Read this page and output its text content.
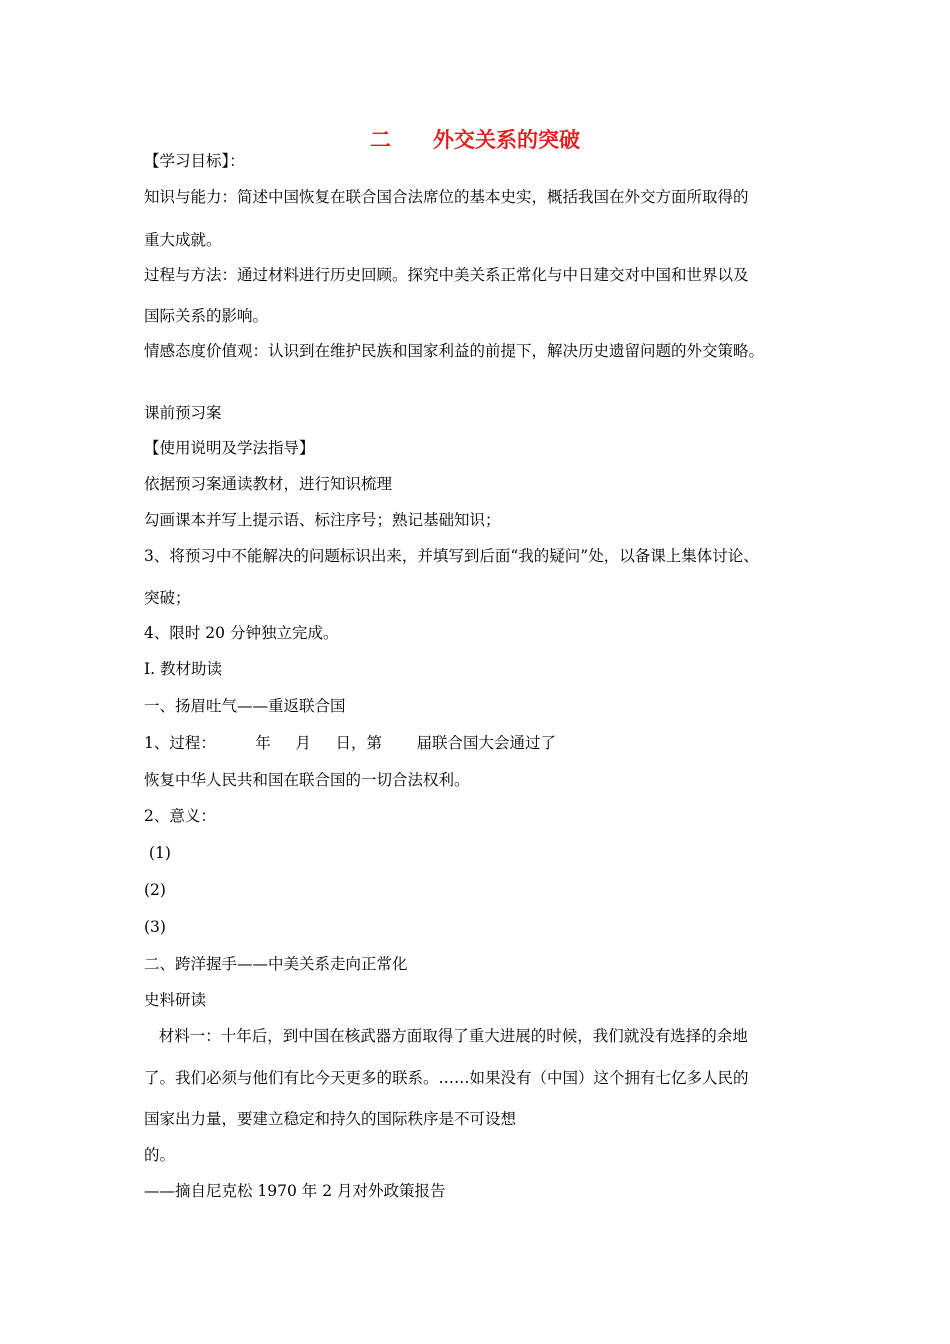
二　　外交关系的突破
【学习目标】：
知识与能力：简述中国恢复在联合国合法席位的基本史实，概括我国在外交方面所取得的
重大成就。
过程与方法：通过材料进行历史回顾。探究中美关系正常化与中日建交对中国和世界以及
国际关系的影响。
情感态度价值观：认识到在维护民族和国家利益的前提下，解决历史遗留问题的外交策略。
课前预习案
【使用说明及学法指导】
依据预习案通读教材，进行知识梳理
勾画课本并写上提示语、标注序号；熟记基础知识；
3、将预习中不能解决的问题标识出来，并填写到后面“我的疑问”处，以备课上集体讨论、
突破；
4、限时 20 分钟独立完成。
Ⅰ. 教材助读
一、扬眉吐气——重返联合国
1、过程：        年     月     日，第       届联合国大会通过了
恢复中华人民共和国在联合国的一切合法权利。
2、意义：
(1)
(2)
(3)
二、跨洋握手——中美关系走向正常化
史料研读
材料一：十年后，到中国在核武器方面取得了重大进展的时候，我们就没有选择的余地
了。我们必须与他们有比今天更多的联系。……如果没有（中国）这个拥有七亿多人民的
国家出力量，要建立稳定和持久的国际秩序是不可设想
的。
——摘自尼克松 1970 年 2 月对外政策报告
